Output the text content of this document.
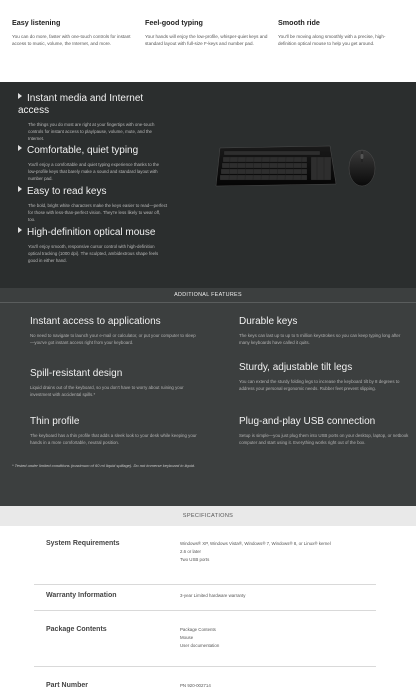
Easy listening

You can do more, faster with one-touch controls for instant access to music, volume, the Internet, and more.

Feel-good typing

Your hands will enjoy the low-profile, whisper-quiet keys and standard layout with full-size F-keys and number pad.

Smooth ride

You'll be moving along smoothly with a precise, high-definition optical mouse to help you get around.

Instant media and Internet access

The things you do most are right at your fingertips with one-touch controls for instant access to play/pause, volume, mute, and the Internet.

Comfortable, quiet typing

You'll enjoy a comfortable and quiet typing experience thanks to the low-profile keys that barely make a sound and standard layout with number pad.

Easy to read keys

The bold, bright white characters make the keys easier to read—perfect for those with less-than-perfect vision. They're less likely to wear off, too.

High-definition optical mouse

You'll enjoy smooth, responsive cursor control with high-definition optical tracking (1000 dpi). The sculpted, ambidextrous shape feels good in either hand.

ADDITIONAL FEATURES
Instant access to applications

No need to navigate to launch your e-mail or calculator, or put your computer to sleep—you've got instant access right from your keyboard.

Durable keys

The keys can last up to up to 5 million keystrokes so you can keep typing long after many keyboards have called it quits.

Spill-resistant design

Liquid drains out of the keyboard, so you don't have to worry about ruining your investment with accidental spills.*

Sturdy, adjustable tilt legs

You can extend the sturdy folding legs to increase the keyboard tilt by 8 degrees to address your personal ergonomic needs. Rubber feet prevent slipping.

Thin profile

The keyboard has a thin profile that adds a sleek look to your desk while keeping your hands in a more comfortable, neutral position.

Plug-and-play USB connection

Setup is simple—you just plug them into USB ports on your desktop, laptop, or netbook computer and start using it. Everything works right out of the box.

* Tested under limited conditions (maximum of 60 ml liquid spillage). Do not immerse keyboard in liquid.
SPECIFICATIONS
System Requirements	Windows® XP, Windows Vista®, Windows® 7, Windows® 8, or Linux® kernel
2.6 or later
Two USB ports
Warranty Information	3-year Limited hardware warranty
Package Contents	Package Contents
Mouse
User documentation
Part Number	PN 920-002714
